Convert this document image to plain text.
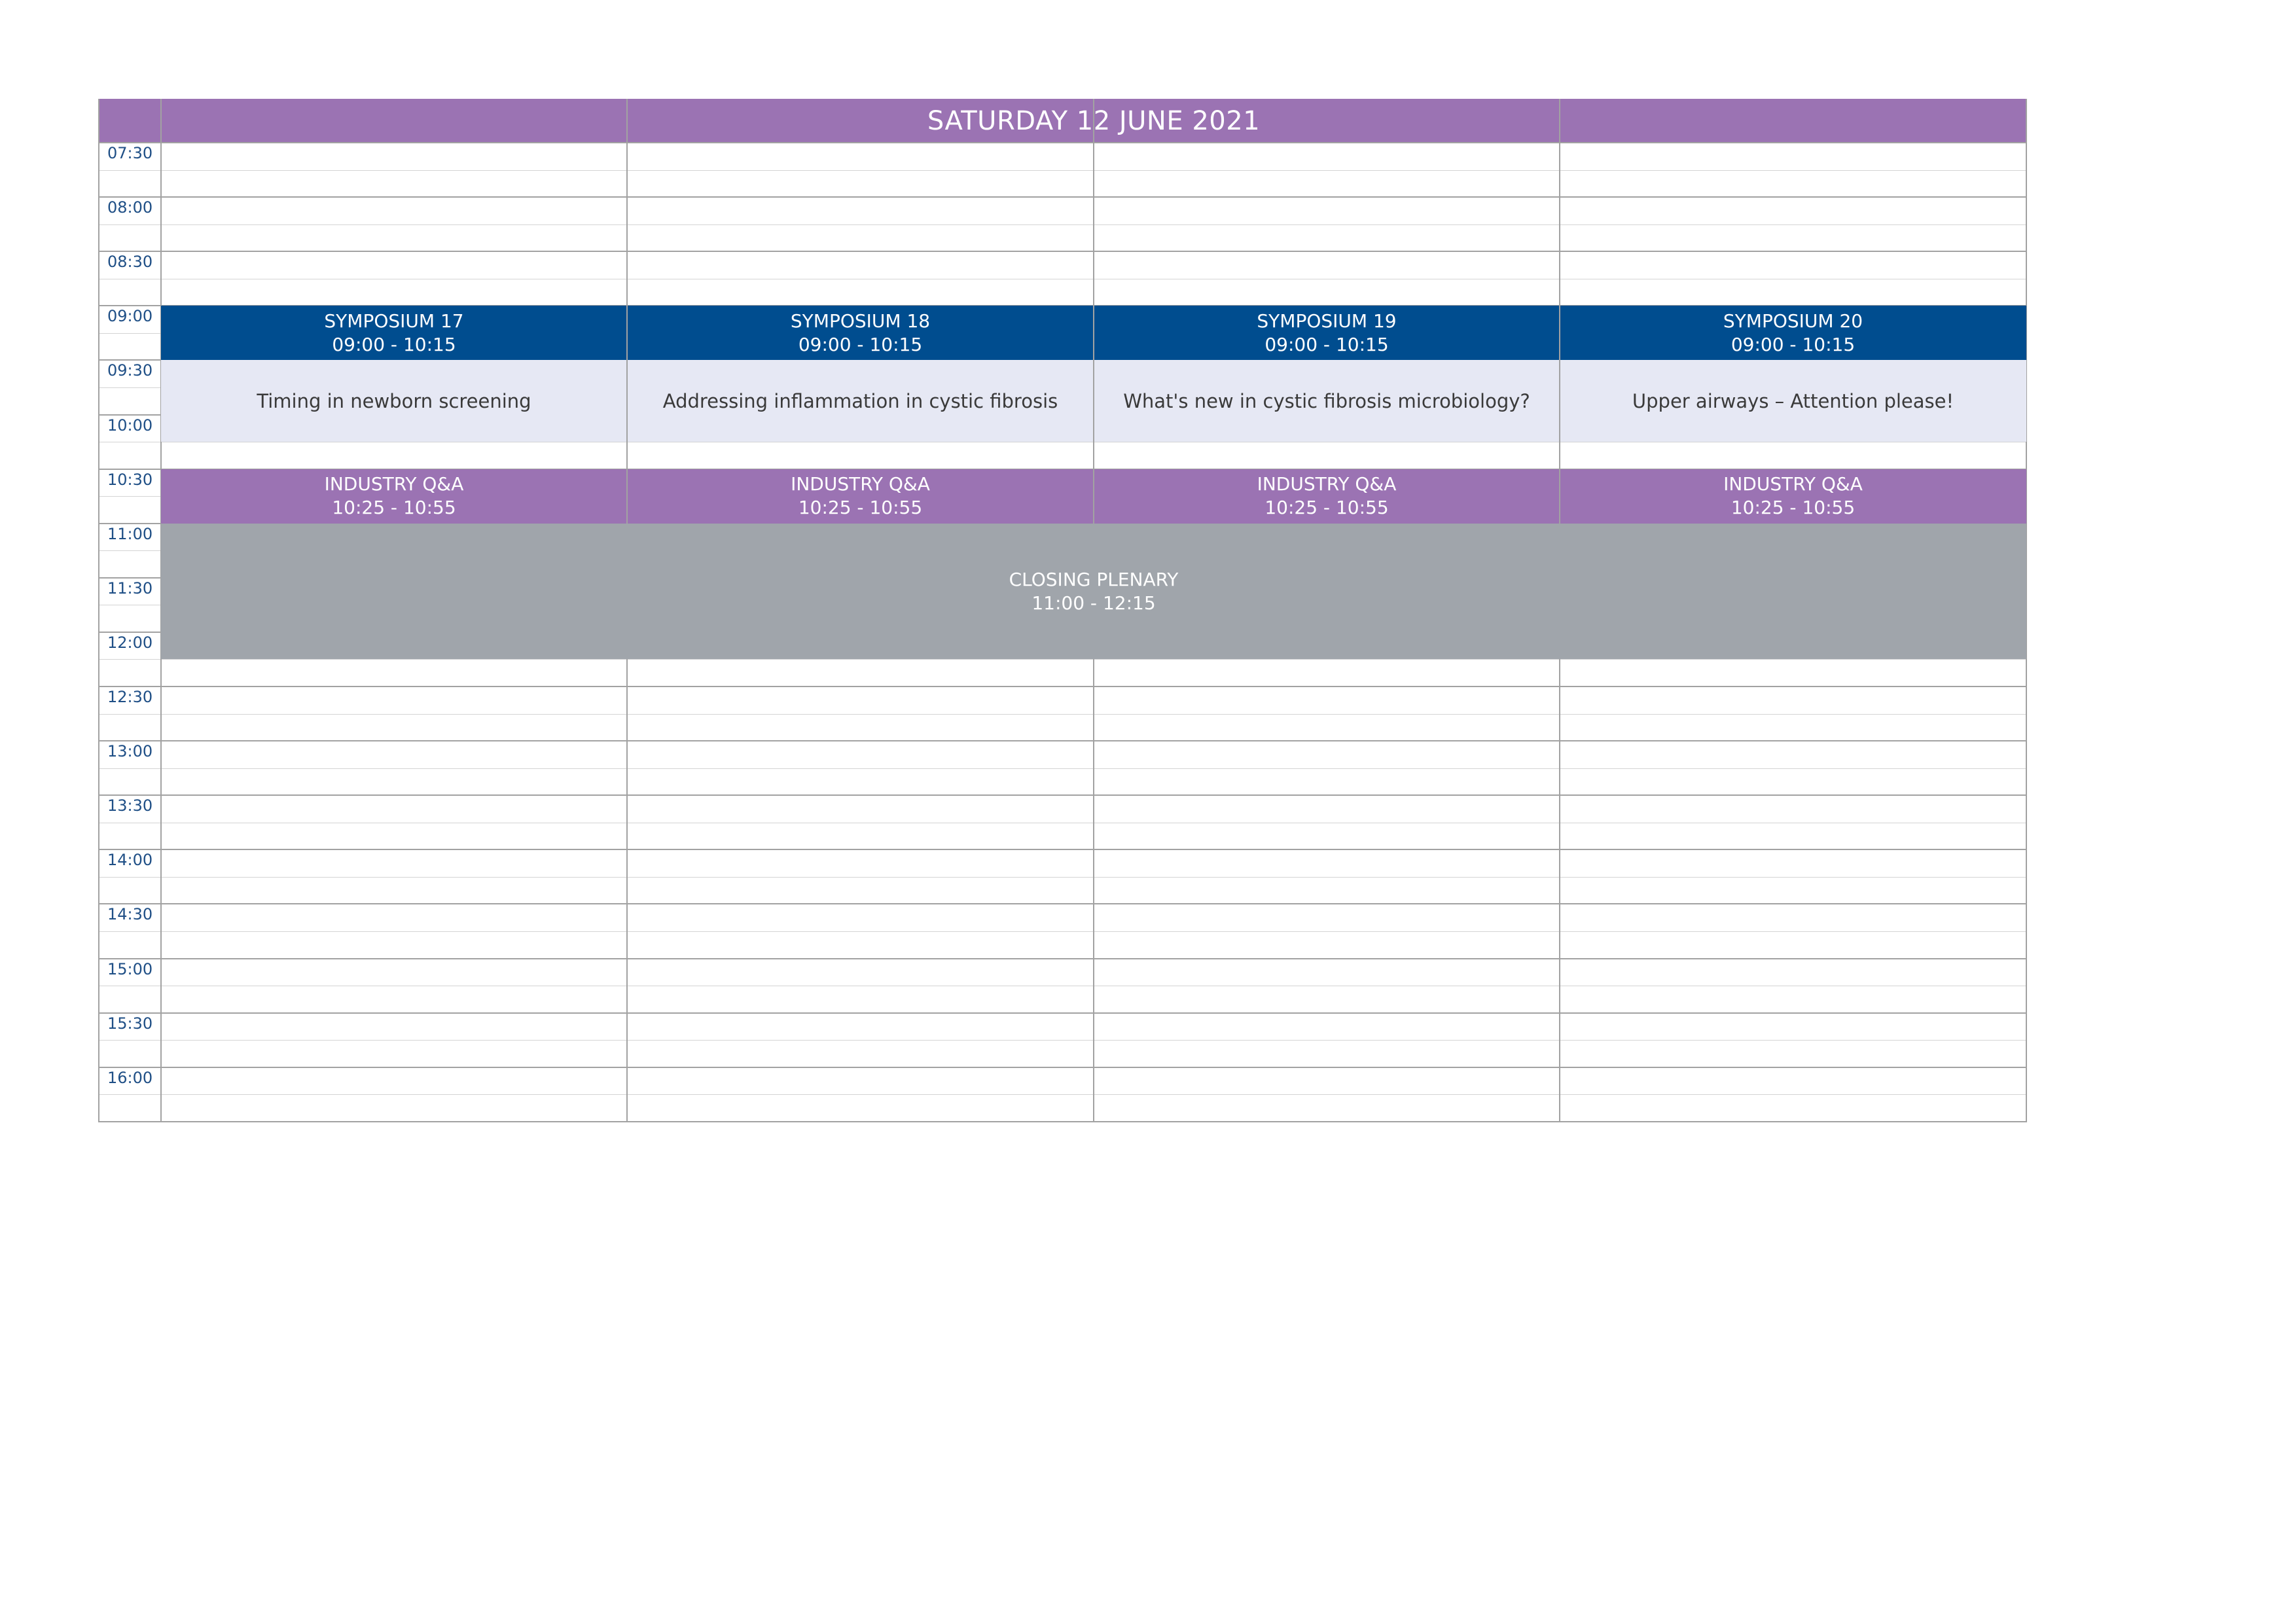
SATURDAY 12 JUNE 2021
07:30
08:00
08:30
09:00
09:30
10:00
10:30
11:00
11:30
12:00
12:30
13:00
13:30
14:00
14:30
15:00
15:30
16:00
SYMPOSIUM 17
09:00 - 10:15
Timing in newborn screening
SYMPOSIUM 18
09:00 - 10:15
Addressing inflammation in cystic fibrosis
SYMPOSIUM 19
09:00 - 10:15
What's new in cystic fibrosis microbiology?
SYMPOSIUM 20
09:00 - 10:15
Upper airways – Attention please!
INDUSTRY Q&A
10:25 - 10:55
INDUSTRY Q&A
10:25 - 10:55
INDUSTRY Q&A
10:25 - 10:55
INDUSTRY Q&A
10:25 - 10:55
CLOSING PLENARY
11:00 - 12:15
